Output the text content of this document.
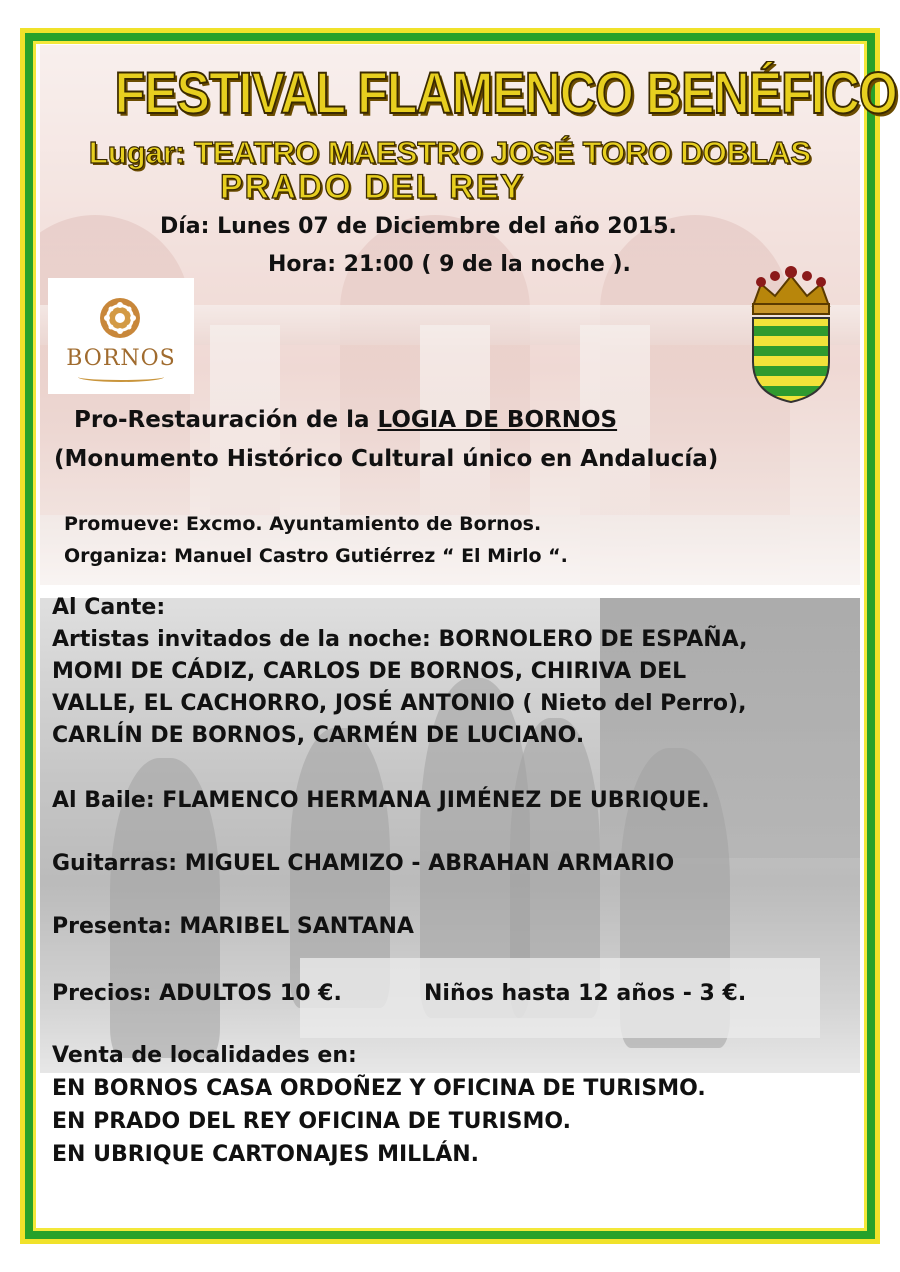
FESTIVAL FLAMENCO BENÉFICO
Lugar: TEATRO MAESTRO JOSÉ TORO DOBLAS
PRADO DEL REY
Día: Lunes 07 de Diciembre del año 2015.
Hora: 21:00 ( 9 de la noche ).
BORNOS
Pro-Restauración de la LOGIA DE BORNOS
(Monumento Histórico Cultural único en Andalucía)
Promueve: Excmo. Ayuntamiento de Bornos.
Organiza: Manuel Castro Gutiérrez “ El Mirlo “.
Al Cante:
Artistas invitados de la noche: BORNOLERO DE ESPAÑA,
MOMI DE CÁDIZ, CARLOS DE BORNOS, CHIRIVA DEL
VALLE, EL CACHORRO, JOSÉ ANTONIO ( Nieto del Perro),
CARLÍN DE BORNOS, CARMÉN DE LUCIANO.
Al Baile: FLAMENCO HERMANA JIMÉNEZ DE UBRIQUE.
Guitarras: MIGUEL CHAMIZO - ABRAHAN ARMARIO
Presenta: MARIBEL SANTANA
Precios: ADULTOS 10 €.	Niños hasta 12 años - 3 €.
Venta de localidades en:
EN BORNOS CASA ORDOÑEZ Y OFICINA DE TURISMO.
EN PRADO DEL REY OFICINA DE TURISMO.
EN UBRIQUE CARTONAJES MILLÁN.
